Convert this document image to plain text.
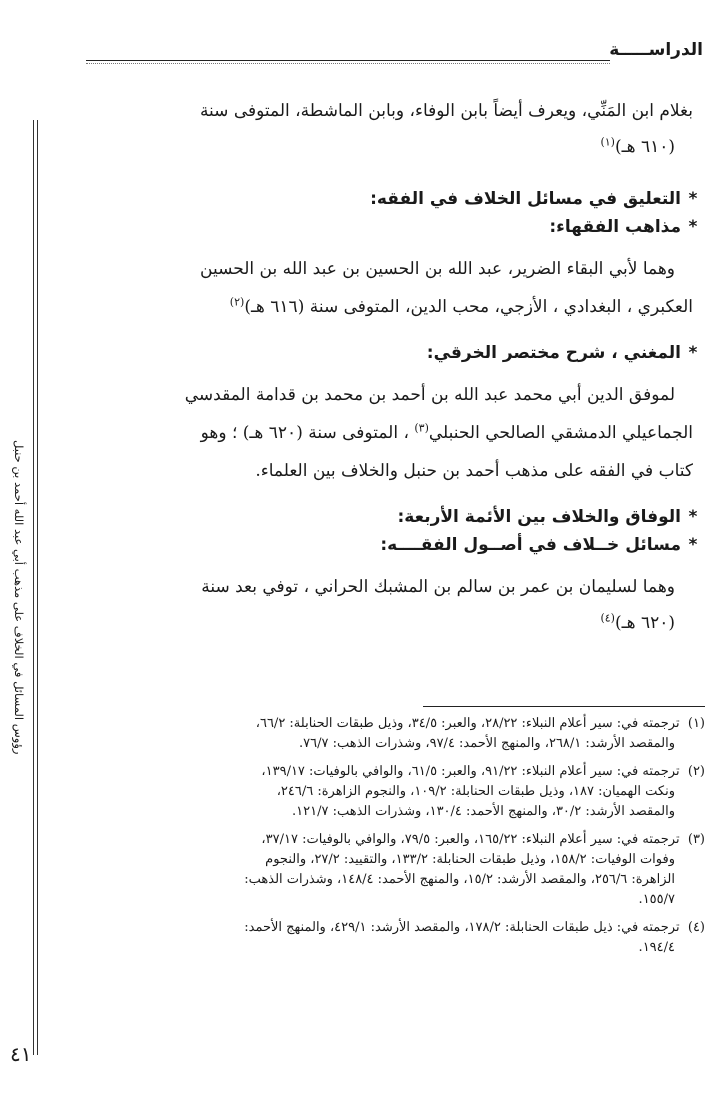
الدراســـــة
رؤوس المسائل في الخلاف على مذهب أبي عبد الله أحمد بن حنبل

بغلام ابن المَنِّي، ويعرف أيضاً بابن الوفاء، وبابن الماشطة، المتوفى سنة

(٦١٠ هـ)$^{(١)}$

*التعليق في مسائل الخلاف في الفقه:

*مذاهب الفقهاء:

وهما لأبي البقاء الضرير، عبد الله بن الحسين بن عبد الله بن الحسين

العكبري ، البغدادي ، الأزجي، محب الدين، المتوفى سنة (٦١٦ هـ)$^{(٢)}$

*المغني ، شرح مختصر الخرقي:

لموفق الدين أبي محمد عبد الله بن أحمد بن محمد بن قدامة المقدسي

الجماعيلي الدمشقي الصالحي الحنبلي$^{(٣)}$ ، المتوفى سنة (٦٢٠ هـ) ؛ وهو

كتاب في الفقه على مذهب أحمد بن حنبل والخلاف بين العلماء.

*الوفاق والخلاف بين الأئمة الأربعة:

*مسائل خــلاف في أصــول الفقــــه:

وهما لسليمان بن عمر بن سالم بن المشبك الحراني ، توفي بعد سنة

(٦٢٠ هـ)$^{(٤)}$

(١)  ترجمته في: سير أعلام النبلاء: ٢٨/٢٢، والعبر: ٣٤/٥، وذيل طبقات الحنابلة: ٦٦/٢،

والمقصد الأرشد: ٢٦٨/١، والمنهج الأحمد: ٩٧/٤، وشذرات الذهب: ٧٦/٧.

(٢)  ترجمته في: سير أعلام النبلاء: ٩١/٢٢، والعبر: ٦١/٥، والوافي بالوفيات: ١٣٩/١٧،

ونكت الهميان: ١٨٧، وذيل طبقات الحنابلة: ١٠٩/٢، والنجوم الزاهرة: ٢٤٦/٦،

والمقصد الأرشد: ٣٠/٢، والمنهج الأحمد: ١٣٠/٤، وشذرات الذهب: ١٢١/٧.

(٣)  ترجمته في: سير أعلام النبلاء: ١٦٥/٢٢، والعبر: ٧٩/٥، والوافي بالوفيات: ٣٧/١٧،

وفوات الوفيات: ١٥٨/٢، وذيل طبقات الحنابلة: ١٣٣/٢، والتقييد: ٢٧/٢، والنجوم

الزاهرة: ٢٥٦/٦، والمقصد الأرشد: ١٥/٢، والمنهج الأحمد: ١٤٨/٤، وشذرات الذهب:

١٥٥/٧.

(٤)  ترجمته في: ذيل طبقات الحنابلة: ١٧٨/٢، والمقصد الأرشد: ٤٢٩/١، والمنهج الأحمد:

١٩٤/٤.

٤١
